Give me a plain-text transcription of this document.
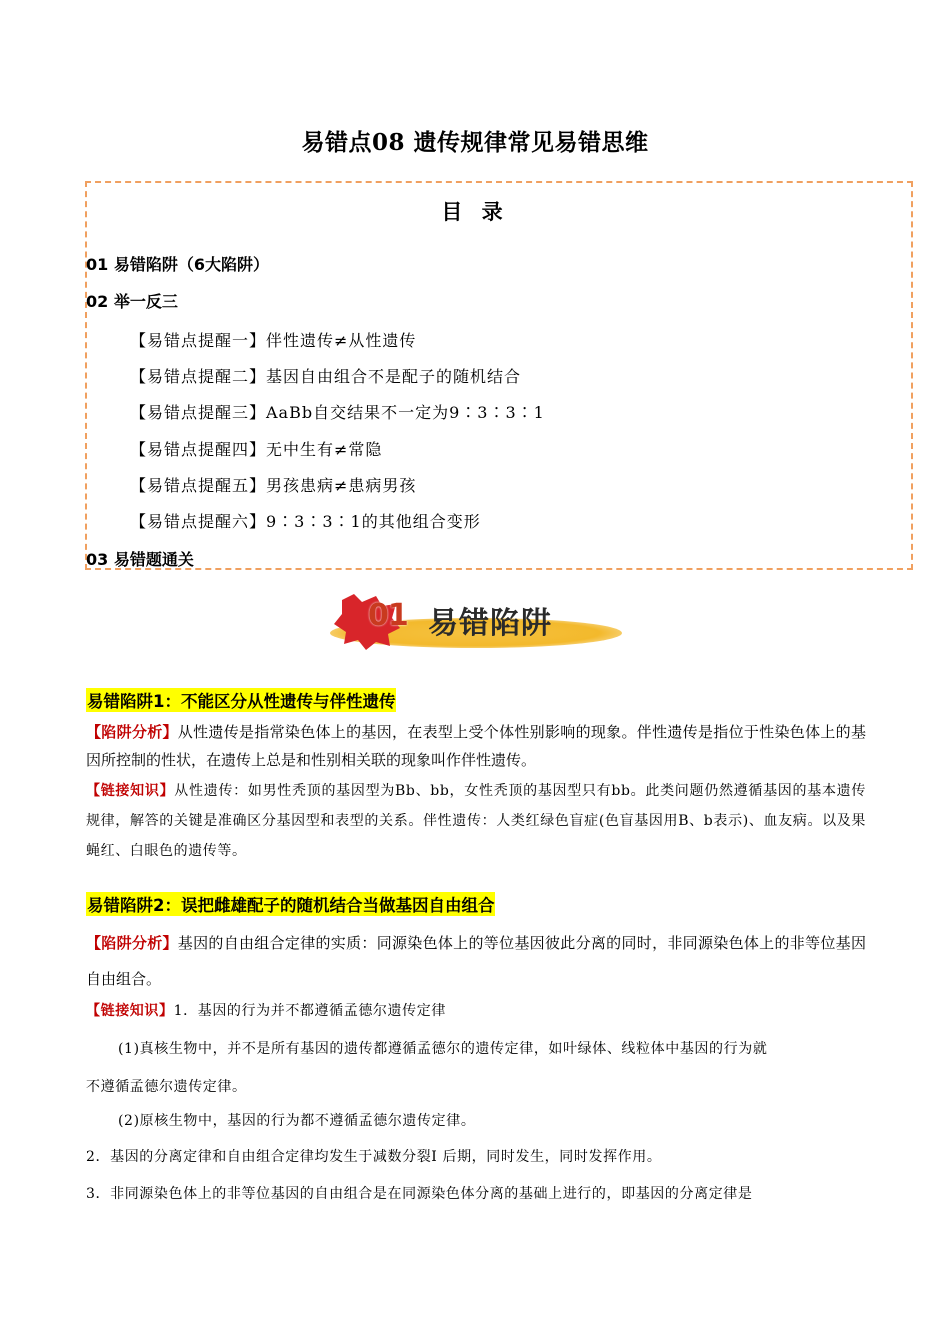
易错点08 遗传规律常见易错思维
目 录
01 易错陷阱（6大陷阱）
02 举一反三
【易错点提醒一】伴性遗传≠从性遗传
【易错点提醒二】基因自由组合不是配子的随机结合
【易错点提醒三】AaBb自交结果不一定为9∶3∶3∶1
【易错点提醒四】无中生有≠常隐
【易错点提醒五】男孩患病≠患病男孩
【易错点提醒六】9∶3∶3∶1的其他组合变形
03 易错题通关
01 易错陷阱
易错陷阱1：不能区分从性遗传与伴性遗传
【陷阱分析】从性遗传是指常染色体上的基因，在表型上受个体性别影响的现象。伴性遗传是指位于性染色体上的基因所控制的性状，在遗传上总是和性别相关联的现象叫作伴性遗传。
【链接知识】从性遗传：如男性秃顶的基因型为Bb、bb，女性秃顶的基因型只有bb。此类问题仍然遵循基因的基本遗传规律，解答的关键是准确区分基因型和表型的关系。伴性遗传：人类红绿色盲症(色盲基因用B、b表示)、血友病。以及果蝇红、白眼色的遗传等。
易错陷阱2：误把雌雄配子的随机结合当做基因自由组合
【陷阱分析】基因的自由组合定律的实质：同源染色体上的等位基因彼此分离的同时，非同源染色体上的非等位基因自由组合。
【链接知识】1．基因的行为并不都遵循孟德尔遗传定律
(1)真核生物中，并不是所有基因的遗传都遵循孟德尔的遗传定律，如叶绿体、线粒体中基因的行为就
不遵循孟德尔遗传定律。
(2)原核生物中，基因的行为都不遵循孟德尔遗传定律。
2．基因的分离定律和自由组合定律均发生于减数分裂Ⅰ 后期，同时发生，同时发挥作用。
3．非同源染色体上的非等位基因的自由组合是在同源染色体分离的基础上进行的，即基因的分离定律是
